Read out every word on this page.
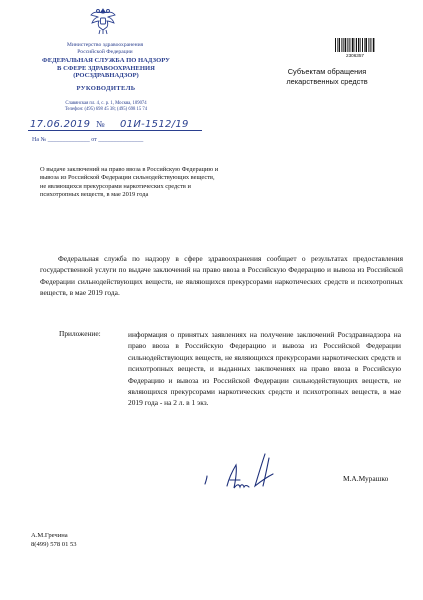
Министерство здравоохранения
Российской Федерации
ФЕДЕРАЛЬНАЯ СЛУЖБА ПО НАДЗОРУ
В СФЕРЕ ЗДРАВООХРАНЕНИЯ
(РОСЗДРАВНАДЗОР)
РУКОВОДИТЕЛЬ
Славянская пл. 4, с. р. 1, Москва, 109074
Телефон: (495) 698 45 38; (495) 698 15 74
17.06.2019 № 01И-1512/19
На № ______________ от _______________
2306357
Субъектам обращения
лекарственных средств
О выдаче заключений на право ввоза в Российскую Федерацию и вывоза из Российской Федерации сильнодействующих веществ, не являющихся прекурсорами наркотических средств и психотропных веществ, в мае 2019 года
Федеральная служба по надзору в сфере здравоохранения сообщает о результатах предоставления государственной услуги по выдаче заключений на право ввоза в Российскую Федерацию и вывоза из Российской Федерации сильнодействующих веществ, не являющихся прекурсорами наркотических средств и психотропных веществ, в мае 2019 года.
Приложение:	информация о принятых заявлениях на получение заключений Росздравнадзора на право ввоза в Российскую Федерацию и вывоза из Российской Федерации сильнодействующих веществ, не являющихся прекурсорами наркотических средств и психотропных веществ, и выданных заключениях на право ввоза в Российскую Федерацию и вывоза из Российской Федерации сильнодействующих веществ, не являющихся прекурсорами наркотических средств и психотропных веществ, в мае 2019 года - на 2 л. в 1 экз.
М.А.Мурашко
А.М.Гречина
8(499) 578 01 53
